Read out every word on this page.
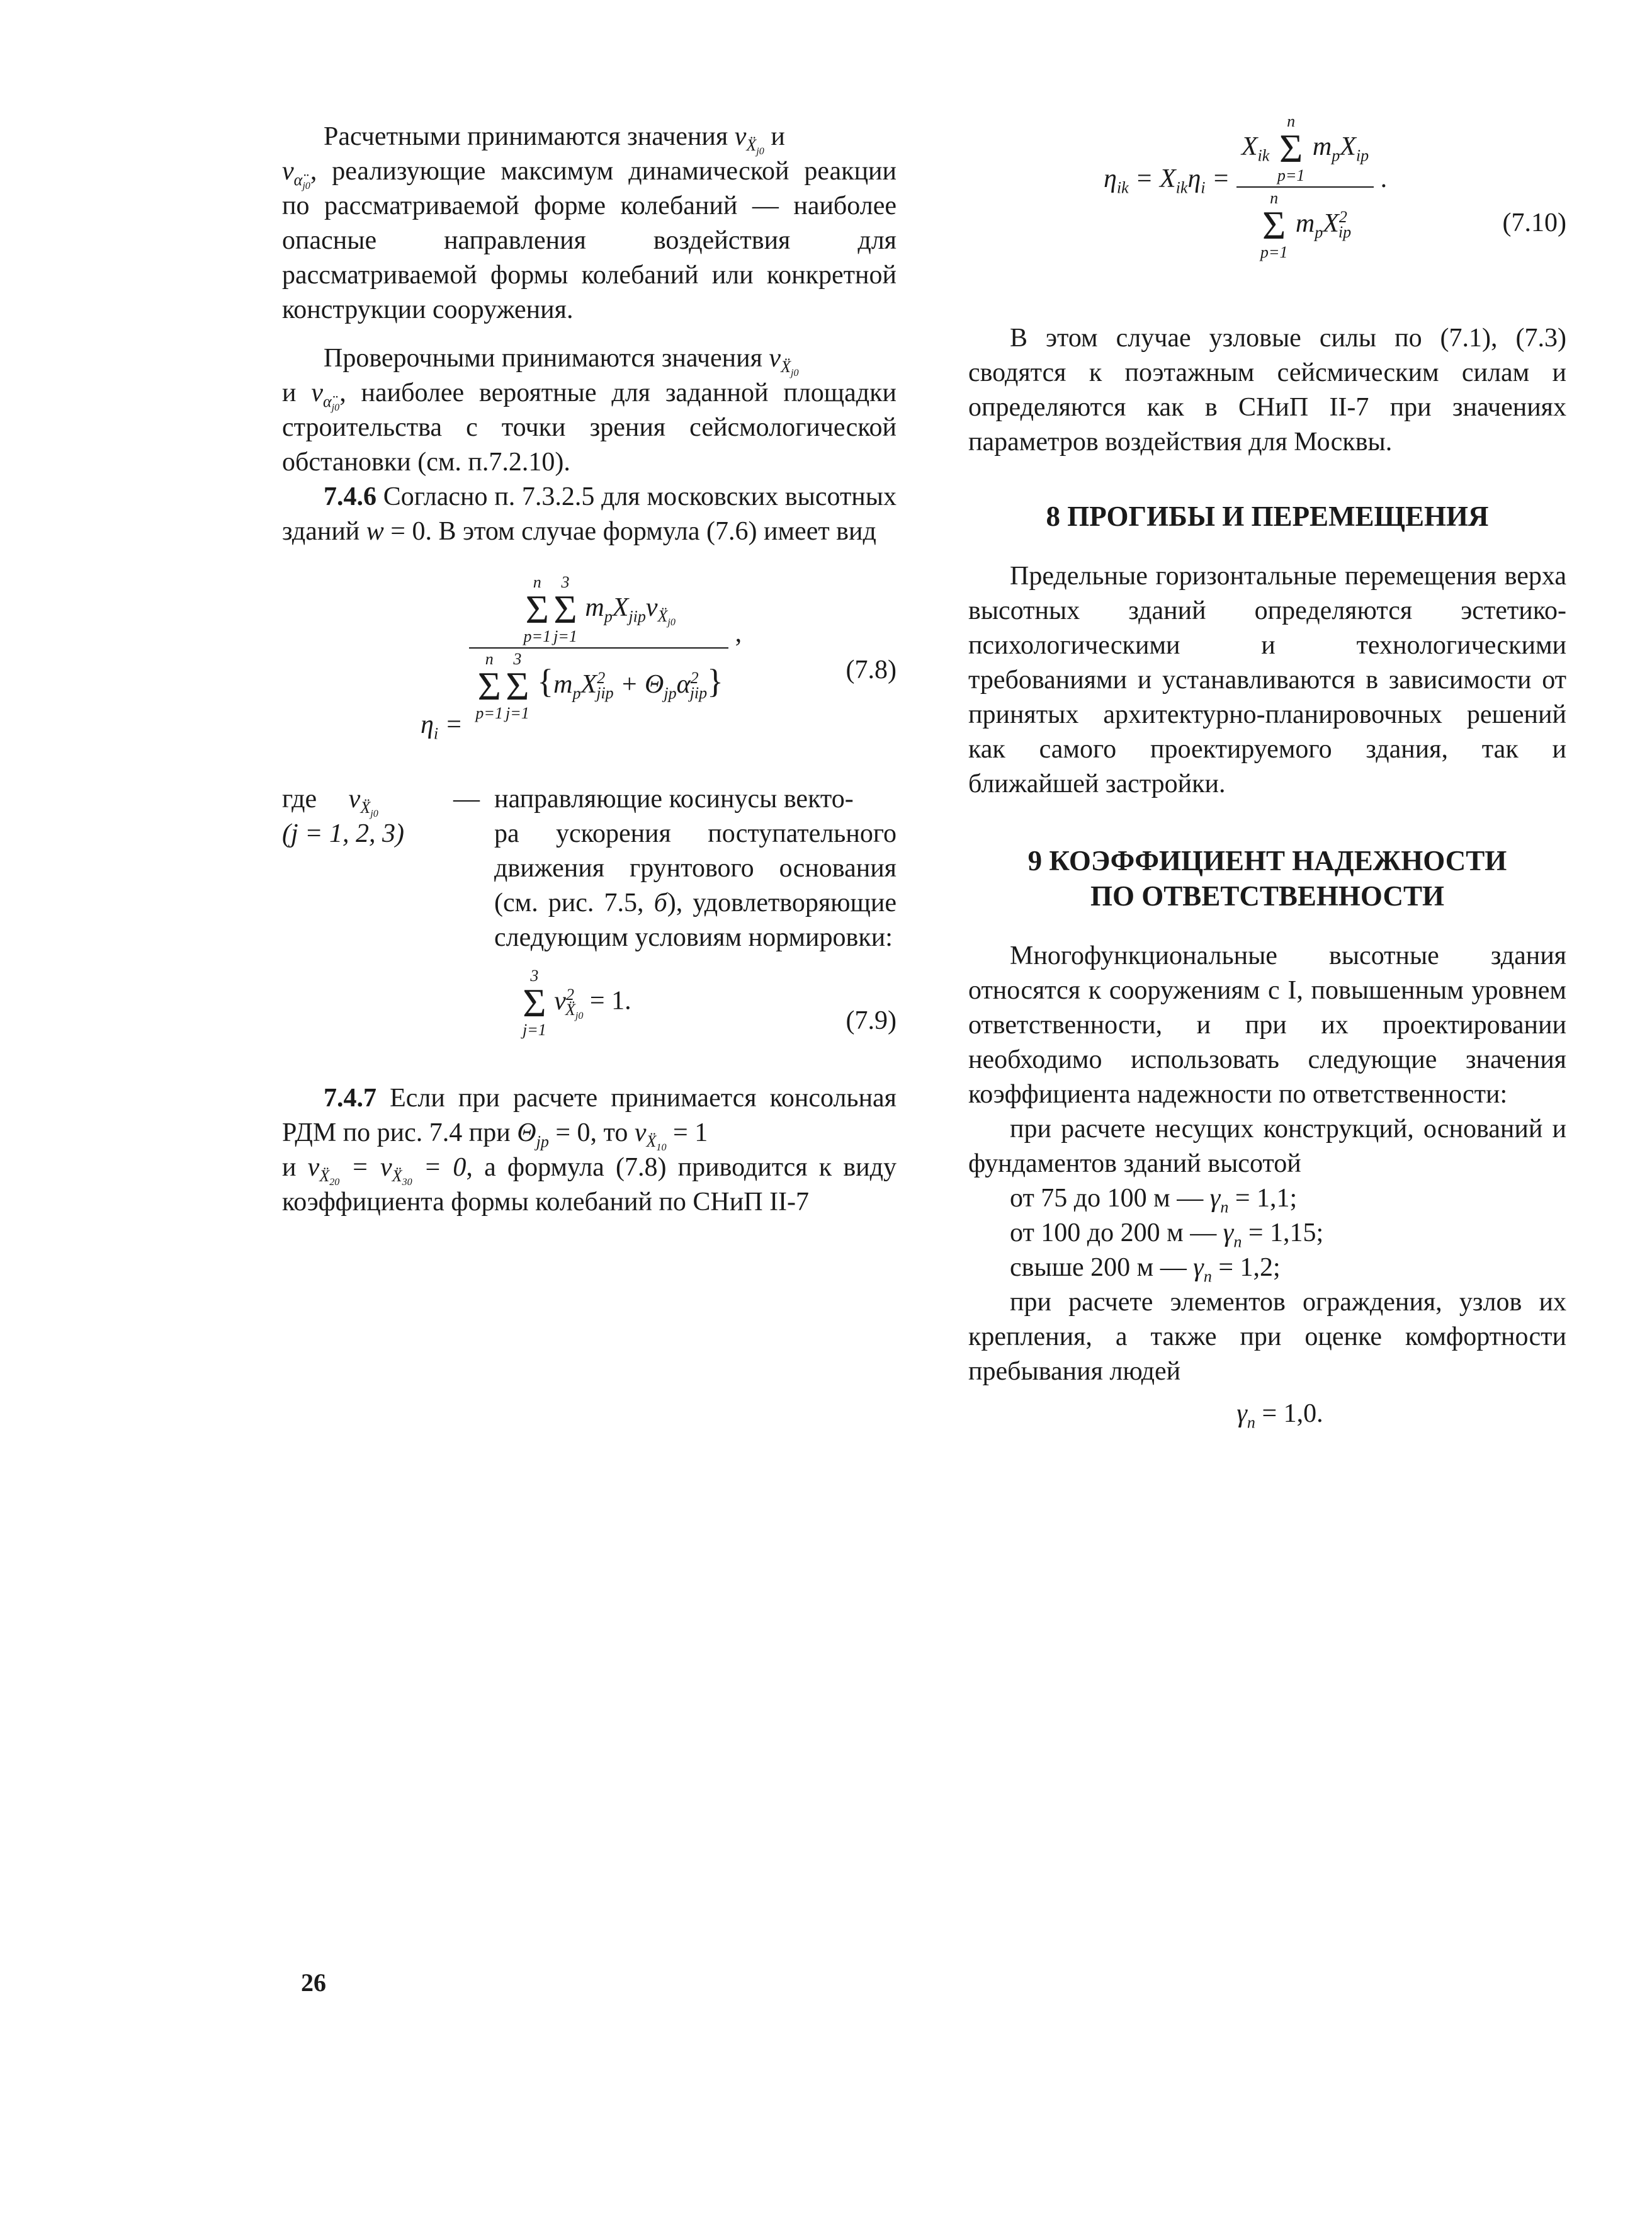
Расчетными принимаются значения $\nu_{Ẍ_{j0}}$ и
$\nu_{\alphä_{j0}}$, реализующие максимум динамической реакции по рассматриваемой форме колебаний — наиболее опасные направления воздействия для рассматриваемой формы колебаний или конкретной конструкции сооружения.

Проверочными принимаются значения $\nu_{Ẍ_{j0}}$
и $\nu_{\alphä_{j0}}$, наиболее вероятные для заданной площадки строительства с точки зрения сейсмологической обстановки (см. п.7.2.10).

7.4.6 Согласно п. 7.3.2.5 для московских высотных зданий w = 0. В этом случае формула (7.6) имеет вид

$\eta_i$ =
n
Σ
p=1
3
Σ
j=1
$m_pX_{jip}\nu_{Ẍ_{j0}}$
n
Σ
p=1
3
Σ
j=1
$\{m_pX^2_{jip} + \Theta_{jp}\alpha^2_{jip}\}$ ,
(7.8)
где $\nu_{Ẍ_{j0}}$
(j = 1, 2, 3)
— направляющие косинусы векто-
ра ускорения поступательного движения грунтового основания (см. рис. 7.5, б), удовлетворяющие следующим условиям нормировки:
3
Σ
j=1
$\nu^2_{Ẍ_{j0}} = 1$.
(7.9)

7.4.7 Если при расчете принимается консольная РДМ по рис. 7.4 при $\Theta_{jp} = 0$, то $\nu_{Ẍ_{10}} = 1$
и $\nu_{Ẍ_{20}} = \nu_{Ẍ_{30}} = 0$, а формула (7.8) приводится к виду коэффициента формы колебаний по СНиП II-7

$\eta_{ik} = X_{ik}\eta_i = X_{ik}$
n
Σ
p=1
$m_pX_{ip}$
n
Σ
p=1
$m_pX^2_{ip}$ .
(7.10)

В этом случае узловые силы по (7.1), (7.3) сводятся к поэтажным сейсмическим силам и определяются как в СНиП II-7 при значениях параметров воздействия для Москвы.

8 ПРОГИБЫ И ПЕРЕМЕЩЕНИЯ

Предельные горизонтальные перемещения верха высотных зданий определяются эстетико-психологическими и технологическими требованиями и устанавливаются в зависимости от принятых архитектурно-планировочных решений как самого проектируемого здания, так и ближайшей застройки.

9 КОЭФФИЦИЕНТ НАДЕЖНОСТИ
ПО ОТВЕТСТВЕННОСТИ

Многофункциональные высотные здания относятся к сооружениям с I, повышенным уровнем ответственности, и при их проектировании необходимо использовать следующие значения коэффициента надежности по ответственности:

при расчете несущих конструкций, оснований и фундаментов зданий высотой

от 75 до 100 м — $\gamma_n = 1,1$;

от 100 до 200 м — $\gamma_n = 1,15$;

свыше 200 м — $\gamma_n = 1,2$;

при расчете элементов ограждения, узлов их крепления, а также при оценке комфортности пребывания людей

$\gamma_n = 1,0$.

26
